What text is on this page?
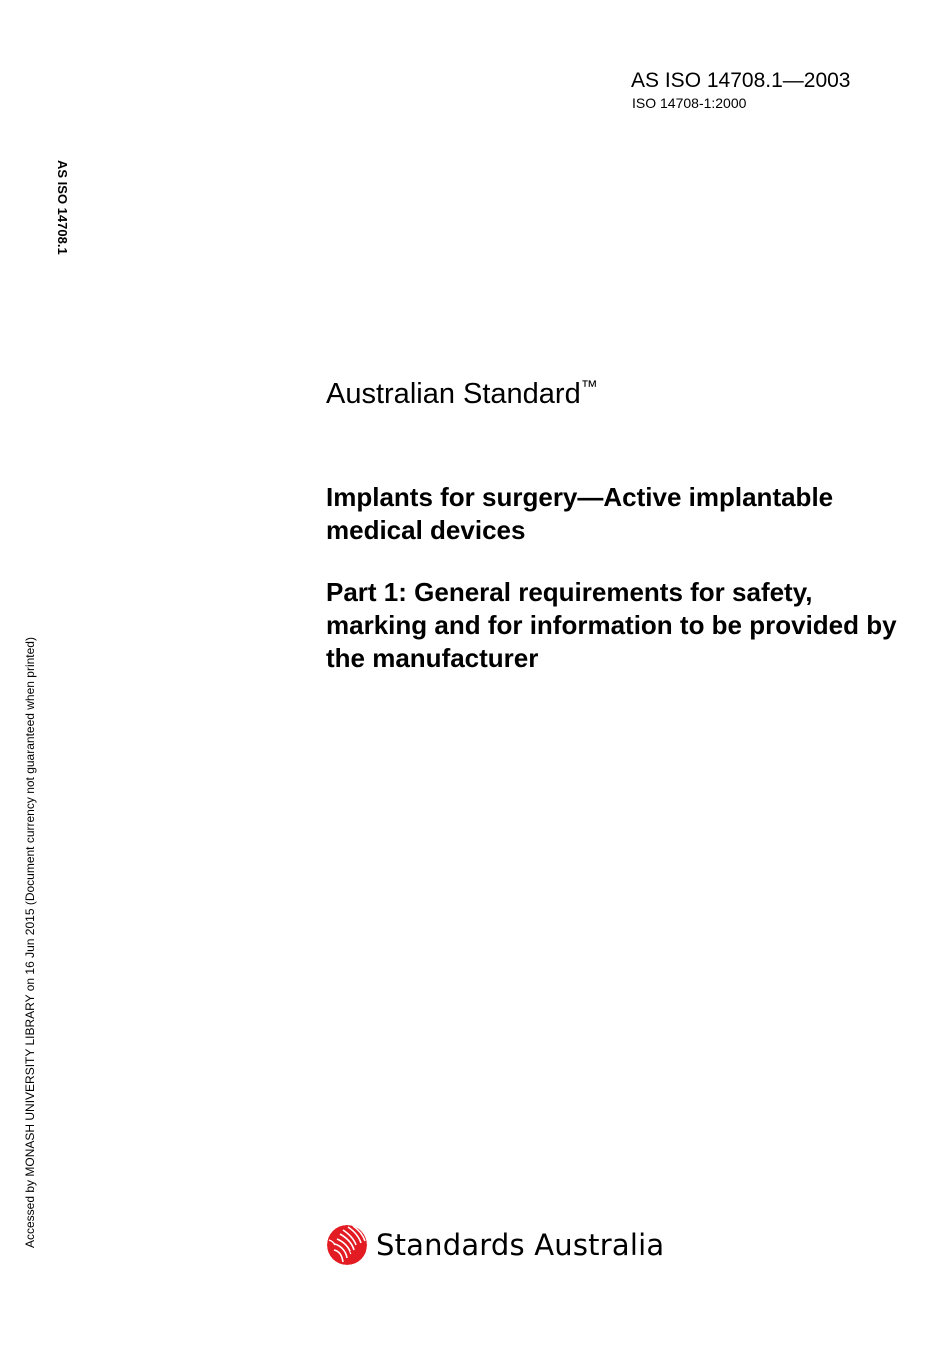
AS ISO 14708.1—2003
ISO 14708-1:2000
AS ISO 14708.1
Accessed by MONASH UNIVERSITY LIBRARY on 16 Jun 2015 (Document currency not guaranteed when printed)
Australian Standard™
Implants for surgery—Active implantable medical devices
Part 1: General requirements for safety, marking and for information to be provided by the manufacturer
Standards Australia
